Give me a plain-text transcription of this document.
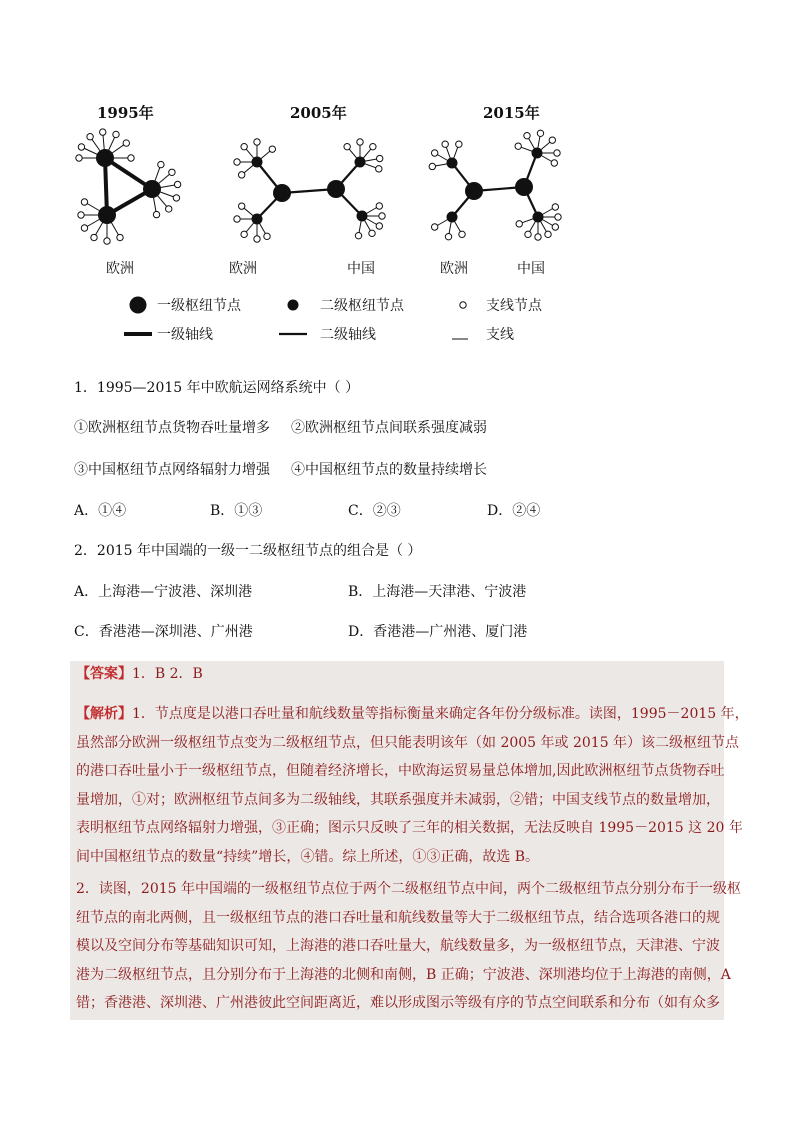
1995年	2005年	2015年
欧洲	欧洲	中国	欧洲	中国
一级枢纽节点	二级枢纽节点	支线节点
一级轴线	二级轴线	支线
1．1995—2015 年中欧航运网络系统中（ ）
①欧洲枢纽节点货物吞吐量增多 ②欧洲枢纽节点间联系强度减弱
③中国枢纽节点网络辐射力增强 ④中国枢纽节点的数量持续增长
A．①④	B．①③	C．②③	D．②④
2．2015 年中国端的一级一二级枢纽节点的组合是（ ）
A．上海港—宁波港、深圳港	B．上海港—天津港、宁波港
C．香港港—深圳港、广州港	D．香港港—广州港、厦门港
【答案】1．B 2．B
【解析】1．节点度是以港口吞吐量和航线数量等指标衡量来确定各年份分级标准。读图，1995－2015 年，
虽然部分欧洲一级枢纽节点变为二级枢纽节点，但只能表明该年（如 2005 年或 2015 年）该二级枢纽节点
的港口吞吐量小于一级枢纽节点，但随着经济增长，中欧海运贸易量总体增加,因此欧洲枢纽节点货物吞吐
量增加，①对；欧洲枢纽节点间多为二级轴线，其联系强度并未减弱，②错；中国支线节点的数量增加，
表明枢纽节点网络辐射力增强，③正确；图示只反映了三年的相关数据，无法反映自 1995－2015 这 20 年
间中国枢纽节点的数量“持续”增长，④错。综上所述，①③正确，故选 B。
2．读图，2015 年中国端的一级枢纽节点位于两个二级枢纽节点中间，两个二级枢纽节点分别分布于一级枢
纽节点的南北两侧，且一级枢纽节点的港口吞吐量和航线数量等大于二级枢纽节点，结合选项各港口的规
模以及空间分布等基础知识可知，上海港的港口吞吐量大，航线数量多，为一级枢纽节点，天津港、宁波
港为二级枢纽节点，且分别分布于上海港的北侧和南侧，B 正确；宁波港、深圳港均位于上海港的南侧，A
错；香港港、深圳港、广州港彼此空间距离近，难以形成图示等级有序的节点空间联系和分布（如有众多
